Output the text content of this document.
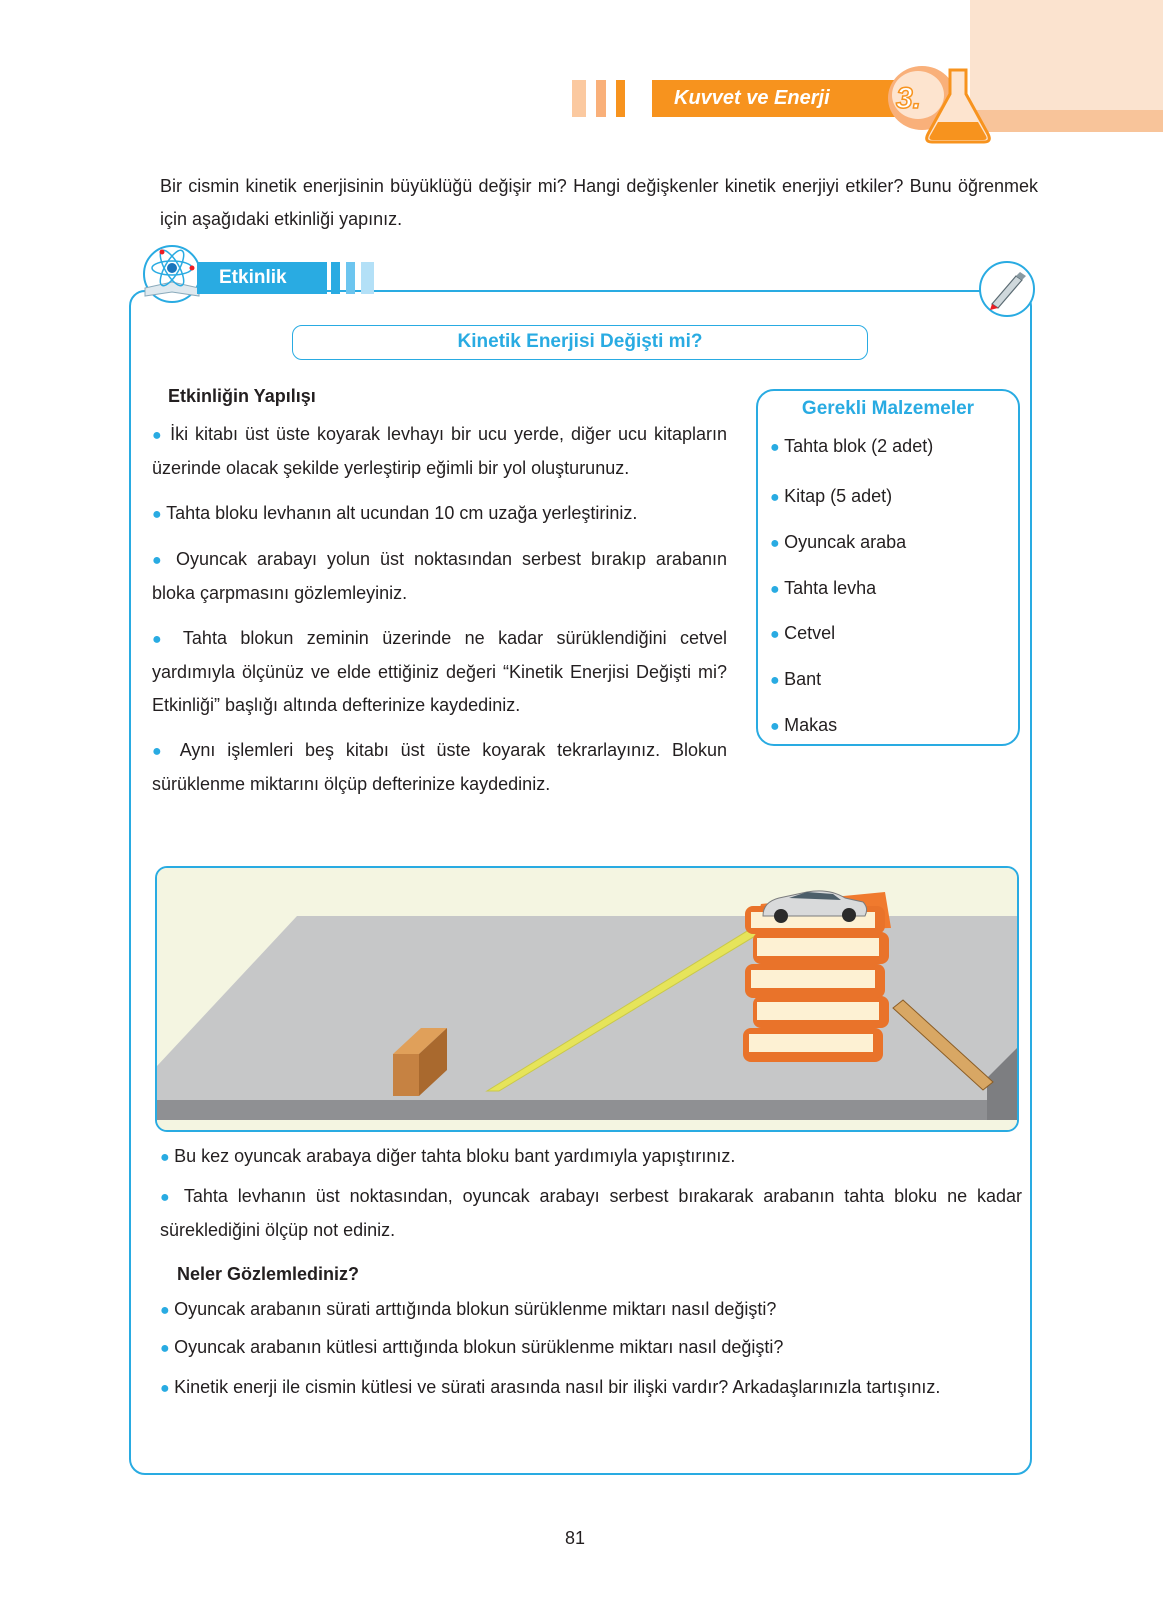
Kuvvet ve Enerji	3.
Bir cismin kinetik enerjisinin büyüklüğü değişir mi? Hangi değişkenler kinetik enerjiyi etkiler? Bunu öğrenmek için aşağıdaki etkinliği yapınız.
Etkinlik
Kinetik Enerjisi Değişti mi?
Etkinliğin Yapılışı

● İki kitabı üst üste koyarak levhayı bir ucu yerde, diğer ucu kitapların üzerinde olacak şekilde yerleştirip eğimli bir yol oluşturunuz.

● Tahta bloku levhanın alt ucundan 10 cm uzağa yerleştiriniz.

● Oyuncak arabayı yolun üst noktasından serbest bırakıp arabanın bloka çarpmasını gözlemleyiniz.

● Tahta blokun zeminin üzerinde ne kadar sürüklendiğini cetvel yardımıyla ölçünüz ve elde ettiğiniz değeri “Kinetik Enerjisi Değişti mi? Etkinliği” başlığı altında defterinize kaydediniz.

● Aynı işlemleri beş kitabı üst üste koyarak tekrarlayınız. Blokun sürüklenme miktarını ölçüp defterinize kaydediniz.

Gerekli Malzemeler
● Tahta blok (2 adet)
● Kitap (5 adet)
● Oyuncak araba
● Tahta levha
● Cetvel
● Bant
● Makas
● Bu kez oyuncak arabaya diğer tahta bloku bant yardımıyla yapıştırınız.
● Tahta levhanın üst noktasından, oyuncak arabayı serbest bırakarak arabanın tahta bloku ne kadar süreklediğini ölçüp not ediniz.
Neler Gözlemlediniz?
● Oyuncak arabanın sürati arttığında blokun sürüklenme miktarı nasıl değişti?
● Oyuncak arabanın kütlesi arttığında blokun sürüklenme miktarı nasıl değişti?
● Kinetik enerji ile cismin kütlesi ve sürati arasında nasıl bir ilişki vardır? Arkadaşlarınızla tartışınız.
81
